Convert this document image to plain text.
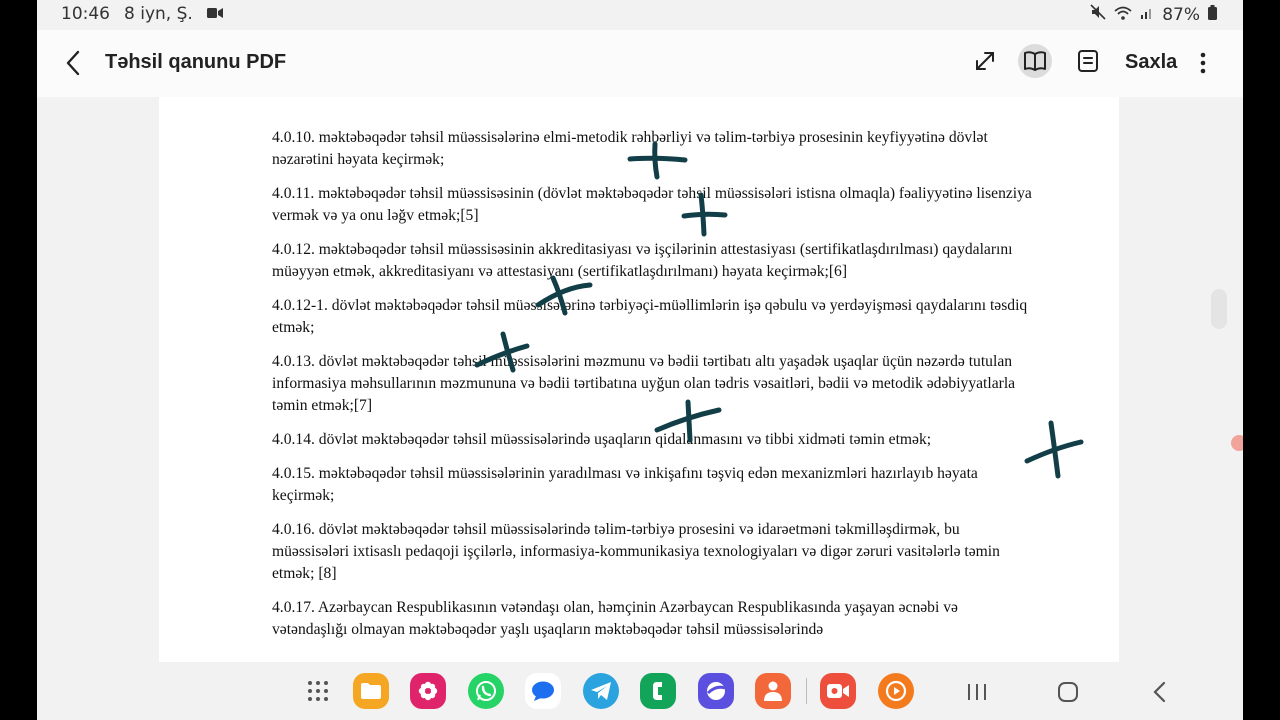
10:46 8 iyn, Ş.	87%
Təhsil qanunu PDF	Saxla

4.0.10. məktəbəqədər təhsil müəssisələrinə elmi-metodik rəhbərliyi və təlim-tərbiyə prosesinin keyfiyyətinə dövlət nəzarətini həyata keçirmək;

4.0.11. məktəbəqədər təhsil müəssisəsinin (dövlət məktəbəqədər təhsil müəssisələri istisna olmaqla) fəaliyyətinə lisenziya vermək və ya onu ləğv etmək;[5]

4.0.12. məktəbəqədər təhsil müəssisəsinin akkreditasiyası və işçilərinin attestasiyası (sertifikatlaşdırılması) qaydalarını müəyyən etmək, akkreditasiyanı və attestasiyanı (sertifikatlaşdırılmanı) həyata keçirmək;[6]

4.0.12-1. dövlət məktəbəqədər təhsil müəssisələrinə tərbiyəçi-müəllimlərin işə qəbulu və yerdəyişməsi qaydalarını təsdiq etmək;

4.0.13. dövlət məktəbəqədər təhsil müəssisələrini məzmunu və bədii tərtibatı altı yaşadək uşaqlar üçün nəzərdə tutulan informasiya məhsullarının məzmununa və bədii tərtibatına uyğun olan tədris vəsaitləri, bədii və metodik ədəbiyyatlarla təmin etmək;[7]

4.0.14. dövlət məktəbəqədər təhsil müəssisələrində uşaqların qidalanmasını və tibbi xidməti təmin etmək;

4.0.15. məktəbəqədər təhsil müəssisələrinin yaradılması və inkişafını təşviq edən mexanizmləri hazırlayıb həyata keçirmək;

4.0.16. dövlət məktəbəqədər təhsil müəssisələrində təlim-tərbiyə prosesini və idarəetməni təkmilləşdirmək, bu müəssisələri ixtisaslı pedaqoji işçilərlə, informasiya-kommunikasiya texnologiyaları və digər zəruri vasitələrlə təmin etmək; [8]

4.0.17. Azərbaycan Respublikasının vətəndaşı olan, həmçinin Azərbaycan Respublikasında yaşayan əcnəbi və vətəndaşlığı olmayan məktəbəqədər yaşlı uşaqların məktəbəqədər təhsil müəssisələrində
